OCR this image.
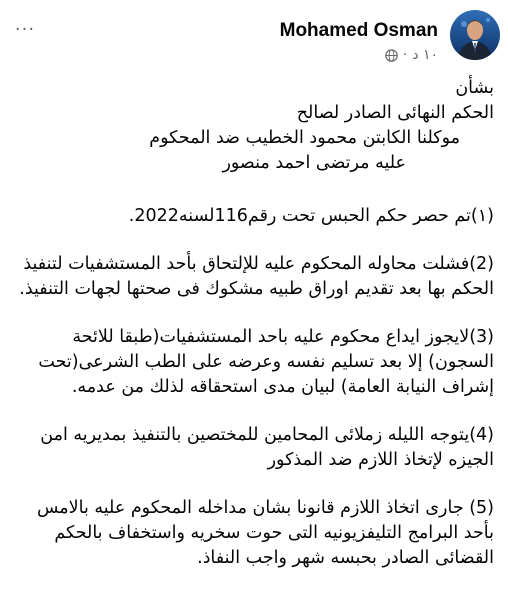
···	Mohamed Osman
١٠ د
·

بشأن

الحكم النهائى الصادر لصالح

موكلنا الكابتن محمود الخطيب ضد المحكوم

عليه مرتضى احمد منصور

(١)تم حصر حكم الحبس تحت رقم116لسنه2022.

(2)فشلت محاوله المحكوم عليه للإلتحاق بأحد المستشفيات لتنفيذ الحكم بها بعد تقديم اوراق طبيه مشكوك فى صحتها لجهات التنفيذ.

(3)لايجوز ايداع محكوم عليه باحد المستشفيات(طبقا للائحة السجون) إلا بعد تسليم نفسه وعرضه على الطب الشرعى(تحت إشراف النيابة العامة) لبيان مدى استحقاقه لذلك من عدمه.

(4)يتوجه الليله زملائى المحامين للمختصين بالتنفيذ بمديريه امن الجيزه لإتخاذ اللازم ضد المذكور

(5) جارى اتخاذ اللازم قانونا بشان مداخله المحكوم عليه بالامس بأحد البرامج التليفزيونيه التى حوت سخريه واستخفاف بالحكم القضائى الصادر بحبسه شهر واجب النفاذ.
